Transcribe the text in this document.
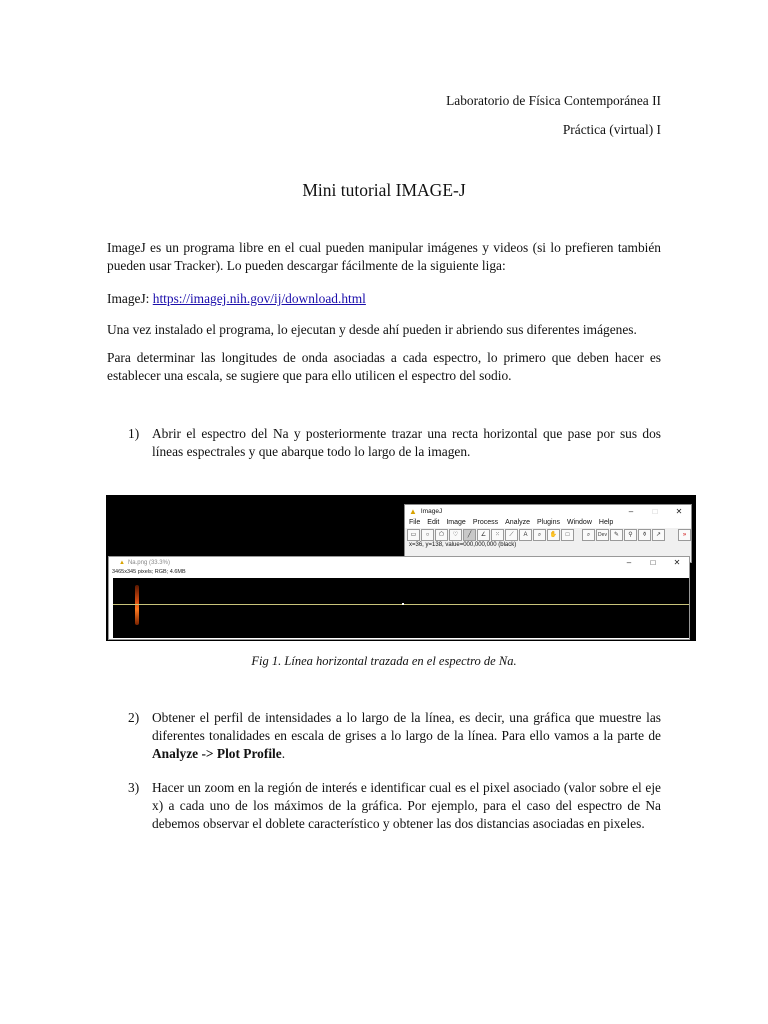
Laboratorio de Física Contemporánea II
Práctica (virtual) I
Mini tutorial IMAGE-J
ImageJ es un programa libre en el cual pueden manipular imágenes y videos (si lo prefieren también pueden usar Tracker). Lo pueden descargar fácilmente de la siguiente liga:
ImageJ: https://imagej.nih.gov/ij/download.html
Una vez instalado el programa, lo ejecutan y desde ahí pueden ir abriendo sus diferentes imágenes.
Para determinar las longitudes de onda asociadas a cada espectro, lo primero que deben hacer es establecer una escala, se sugiere que para ello utilicen el espectro del sodio.
1) Abrir el espectro del Na y posteriormente trazar una recta horizontal que pase por sus dos líneas espectrales y que abarque todo lo largo de la imagen.
▲ ImageJ	–	□	✕
File Edit Image Process Analyze Plugins Window Help
▭	○	⬠	♡	╱	∠	⁙	⟋	A	⌕	✋	□	⌕	Dev	✎	⚲	⚱	↗	»
x=36, y=138, value=000,000,000 (black)
▲ Na.png (33.3%)	–	□	✕
3465x345 pixels; RGB; 4.6MB
Fig 1. Línea horizontal trazada en el espectro de Na.
2) Obtener el perfil de intensidades a lo largo de la línea, es decir, una gráfica que muestre las diferentes tonalidades en escala de grises a lo largo de la línea. Para ello vamos a la parte de Analyze -> Plot Profile.
3) Hacer un zoom en la región de interés e identificar cual es el pixel asociado (valor sobre el eje x) a cada uno de los máximos de la gráfica. Por ejemplo, para el caso del espectro de Na debemos observar el doblete característico y obtener las dos distancias asociadas en pixeles.
